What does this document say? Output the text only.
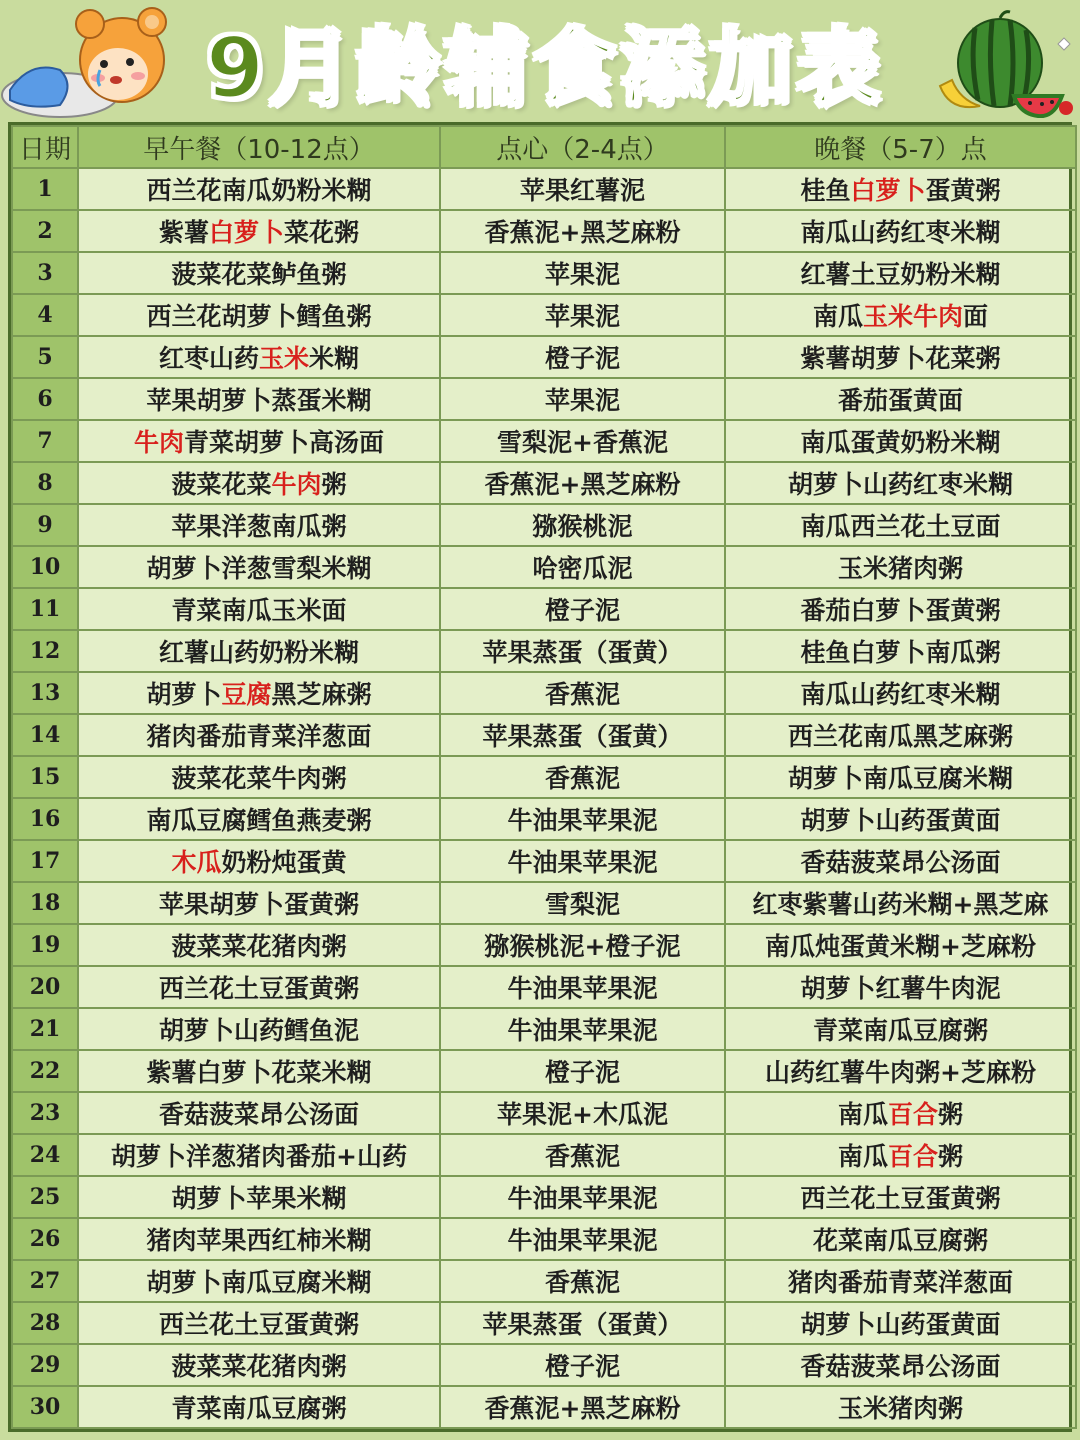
9月龄辅食添加表
日期	早午餐（10-12点）	点心（2-4点）	晚餐（5-7）点
1	西兰花南瓜奶粉米糊	苹果红薯泥	桂鱼白萝卜蛋黄粥
2	紫薯白萝卜菜花粥	香蕉泥+黑芝麻粉	南瓜山药红枣米糊
3	菠菜花菜鲈鱼粥	苹果泥	红薯土豆奶粉米糊
4	西兰花胡萝卜鳕鱼粥	苹果泥	南瓜玉米牛肉面
5	红枣山药玉米米糊	橙子泥	紫薯胡萝卜花菜粥
6	苹果胡萝卜蒸蛋米糊	苹果泥	番茄蛋黄面
7	牛肉青菜胡萝卜高汤面	雪梨泥+香蕉泥	南瓜蛋黄奶粉米糊
8	菠菜花菜牛肉粥	香蕉泥+黑芝麻粉	胡萝卜山药红枣米糊
9	苹果洋葱南瓜粥	猕猴桃泥	南瓜西兰花土豆面
10	胡萝卜洋葱雪梨米糊	哈密瓜泥	玉米猪肉粥
11	青菜南瓜玉米面	橙子泥	番茄白萝卜蛋黄粥
12	红薯山药奶粉米糊	苹果蒸蛋（蛋黄）	桂鱼白萝卜南瓜粥
13	胡萝卜豆腐黑芝麻粥	香蕉泥	南瓜山药红枣米糊
14	猪肉番茄青菜洋葱面	苹果蒸蛋（蛋黄）	西兰花南瓜黑芝麻粥
15	菠菜花菜牛肉粥	香蕉泥	胡萝卜南瓜豆腐米糊
16	南瓜豆腐鳕鱼燕麦粥	牛油果苹果泥	胡萝卜山药蛋黄面
17	木瓜奶粉炖蛋黄	牛油果苹果泥	香菇菠菜昂公汤面
18	苹果胡萝卜蛋黄粥	雪梨泥	红枣紫薯山药米糊+黑芝麻
19	菠菜菜花猪肉粥	猕猴桃泥+橙子泥	南瓜炖蛋黄米糊+芝麻粉
20	西兰花土豆蛋黄粥	牛油果苹果泥	胡萝卜红薯牛肉泥
21	胡萝卜山药鳕鱼泥	牛油果苹果泥	青菜南瓜豆腐粥
22	紫薯白萝卜花菜米糊	橙子泥	山药红薯牛肉粥+芝麻粉
23	香菇菠菜昂公汤面	苹果泥+木瓜泥	南瓜百合粥
24	胡萝卜洋葱猪肉番茄+山药	香蕉泥	南瓜百合粥
25	胡萝卜苹果米糊	牛油果苹果泥	西兰花土豆蛋黄粥
26	猪肉苹果西红柿米糊	牛油果苹果泥	花菜南瓜豆腐粥
27	胡萝卜南瓜豆腐米糊	香蕉泥	猪肉番茄青菜洋葱面
28	西兰花土豆蛋黄粥	苹果蒸蛋（蛋黄）	胡萝卜山药蛋黄面
29	菠菜菜花猪肉粥	橙子泥	香菇菠菜昂公汤面
30	青菜南瓜豆腐粥	香蕉泥+黑芝麻粉	玉米猪肉粥
